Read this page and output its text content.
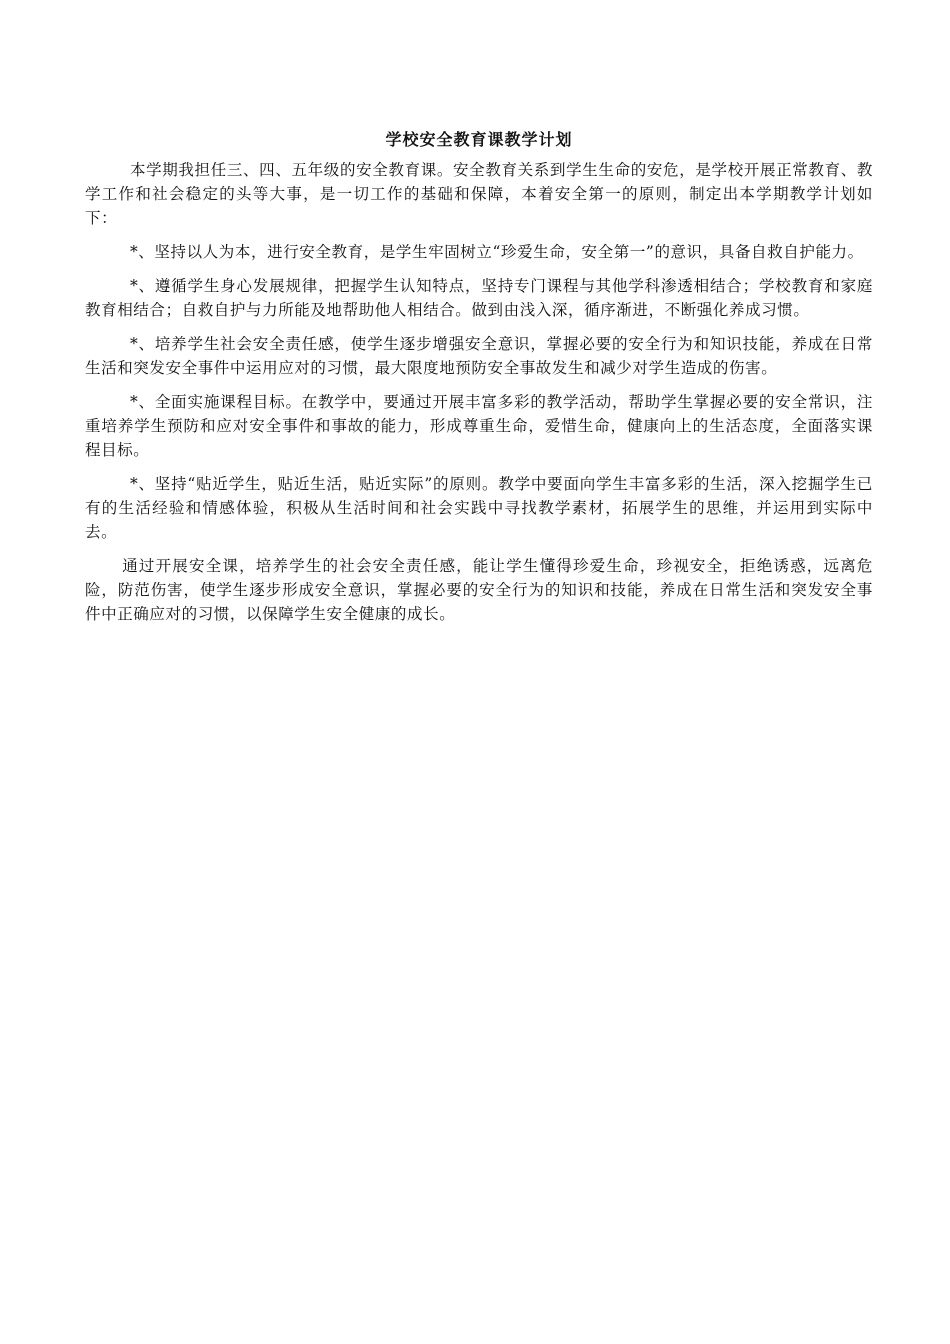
学校安全教育课教学计划

本学期我担任三、四、五年级的安全教育课。安全教育关系到学生生命的安危，是学校开展正常教育、教学工作和社会稳定的头等大事，是一切工作的基础和保障，本着安全第一的原则，制定出本学期教学计划如下：

*、坚持以人为本，进行安全教育，是学生牢固树立“珍爱生命，安全第一”的意识，具备自救自护能力。

*、遵循学生身心发展规律，把握学生认知特点，坚持专门课程与其他学科渗透相结合；学校教育和家庭教育相结合；自救自护与力所能及地帮助他人相结合。做到由浅入深，循序渐进，不断强化养成习惯。

*、培养学生社会安全责任感，使学生逐步增强安全意识，掌握必要的安全行为和知识技能，养成在日常生活和突发安全事件中运用应对的习惯，最大限度地预防安全事故发生和减少对学生造成的伤害。

*、全面实施课程目标。在教学中，要通过开展丰富多彩的教学活动，帮助学生掌握必要的安全常识，注重培养学生预防和应对安全事件和事故的能力，形成尊重生命，爱惜生命，健康向上的生活态度，全面落实课程目标。

*、坚持“贴近学生，贴近生活，贴近实际”的原则。教学中要面向学生丰富多彩的生活，深入挖掘学生已有的生活经验和情感体验，积极从生活时间和社会实践中寻找教学素材，拓展学生的思维，并运用到实际中去。

通过开展安全课，培养学生的社会安全责任感，能让学生懂得珍爱生命，珍视安全，拒绝诱惑，远离危险，防范伤害，使学生逐步形成安全意识，掌握必要的安全行为的知识和技能，养成在日常生活和突发安全事件中正确应对的习惯，以保障学生安全健康的成长。
